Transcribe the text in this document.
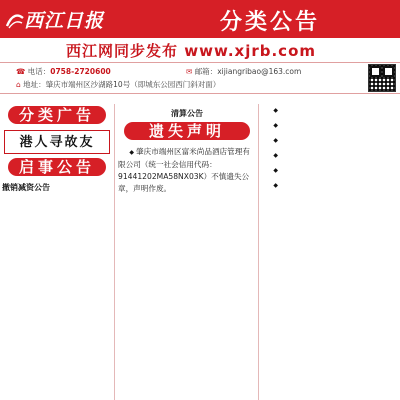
西江日报	分类公告
西江网同步发布 www.xjrb.com
☎ 电话：0758-2720600	✉ 邮箱：xijiangribao@163.com
⌂ 地址：肇庆市端州区沙湖路10号（即城东公园西门斜对面）
分类广告
港人寻故友

启事公告
撤销减资公告

清算公告

遗失声明

◆ 肇庆市端州区富米尚品酒店管理有限公司（统一社会信用代码：91441202MA58NX03K）不慎遗失公章，声明作废。

◆

◆

◆

◆

◆

◆
